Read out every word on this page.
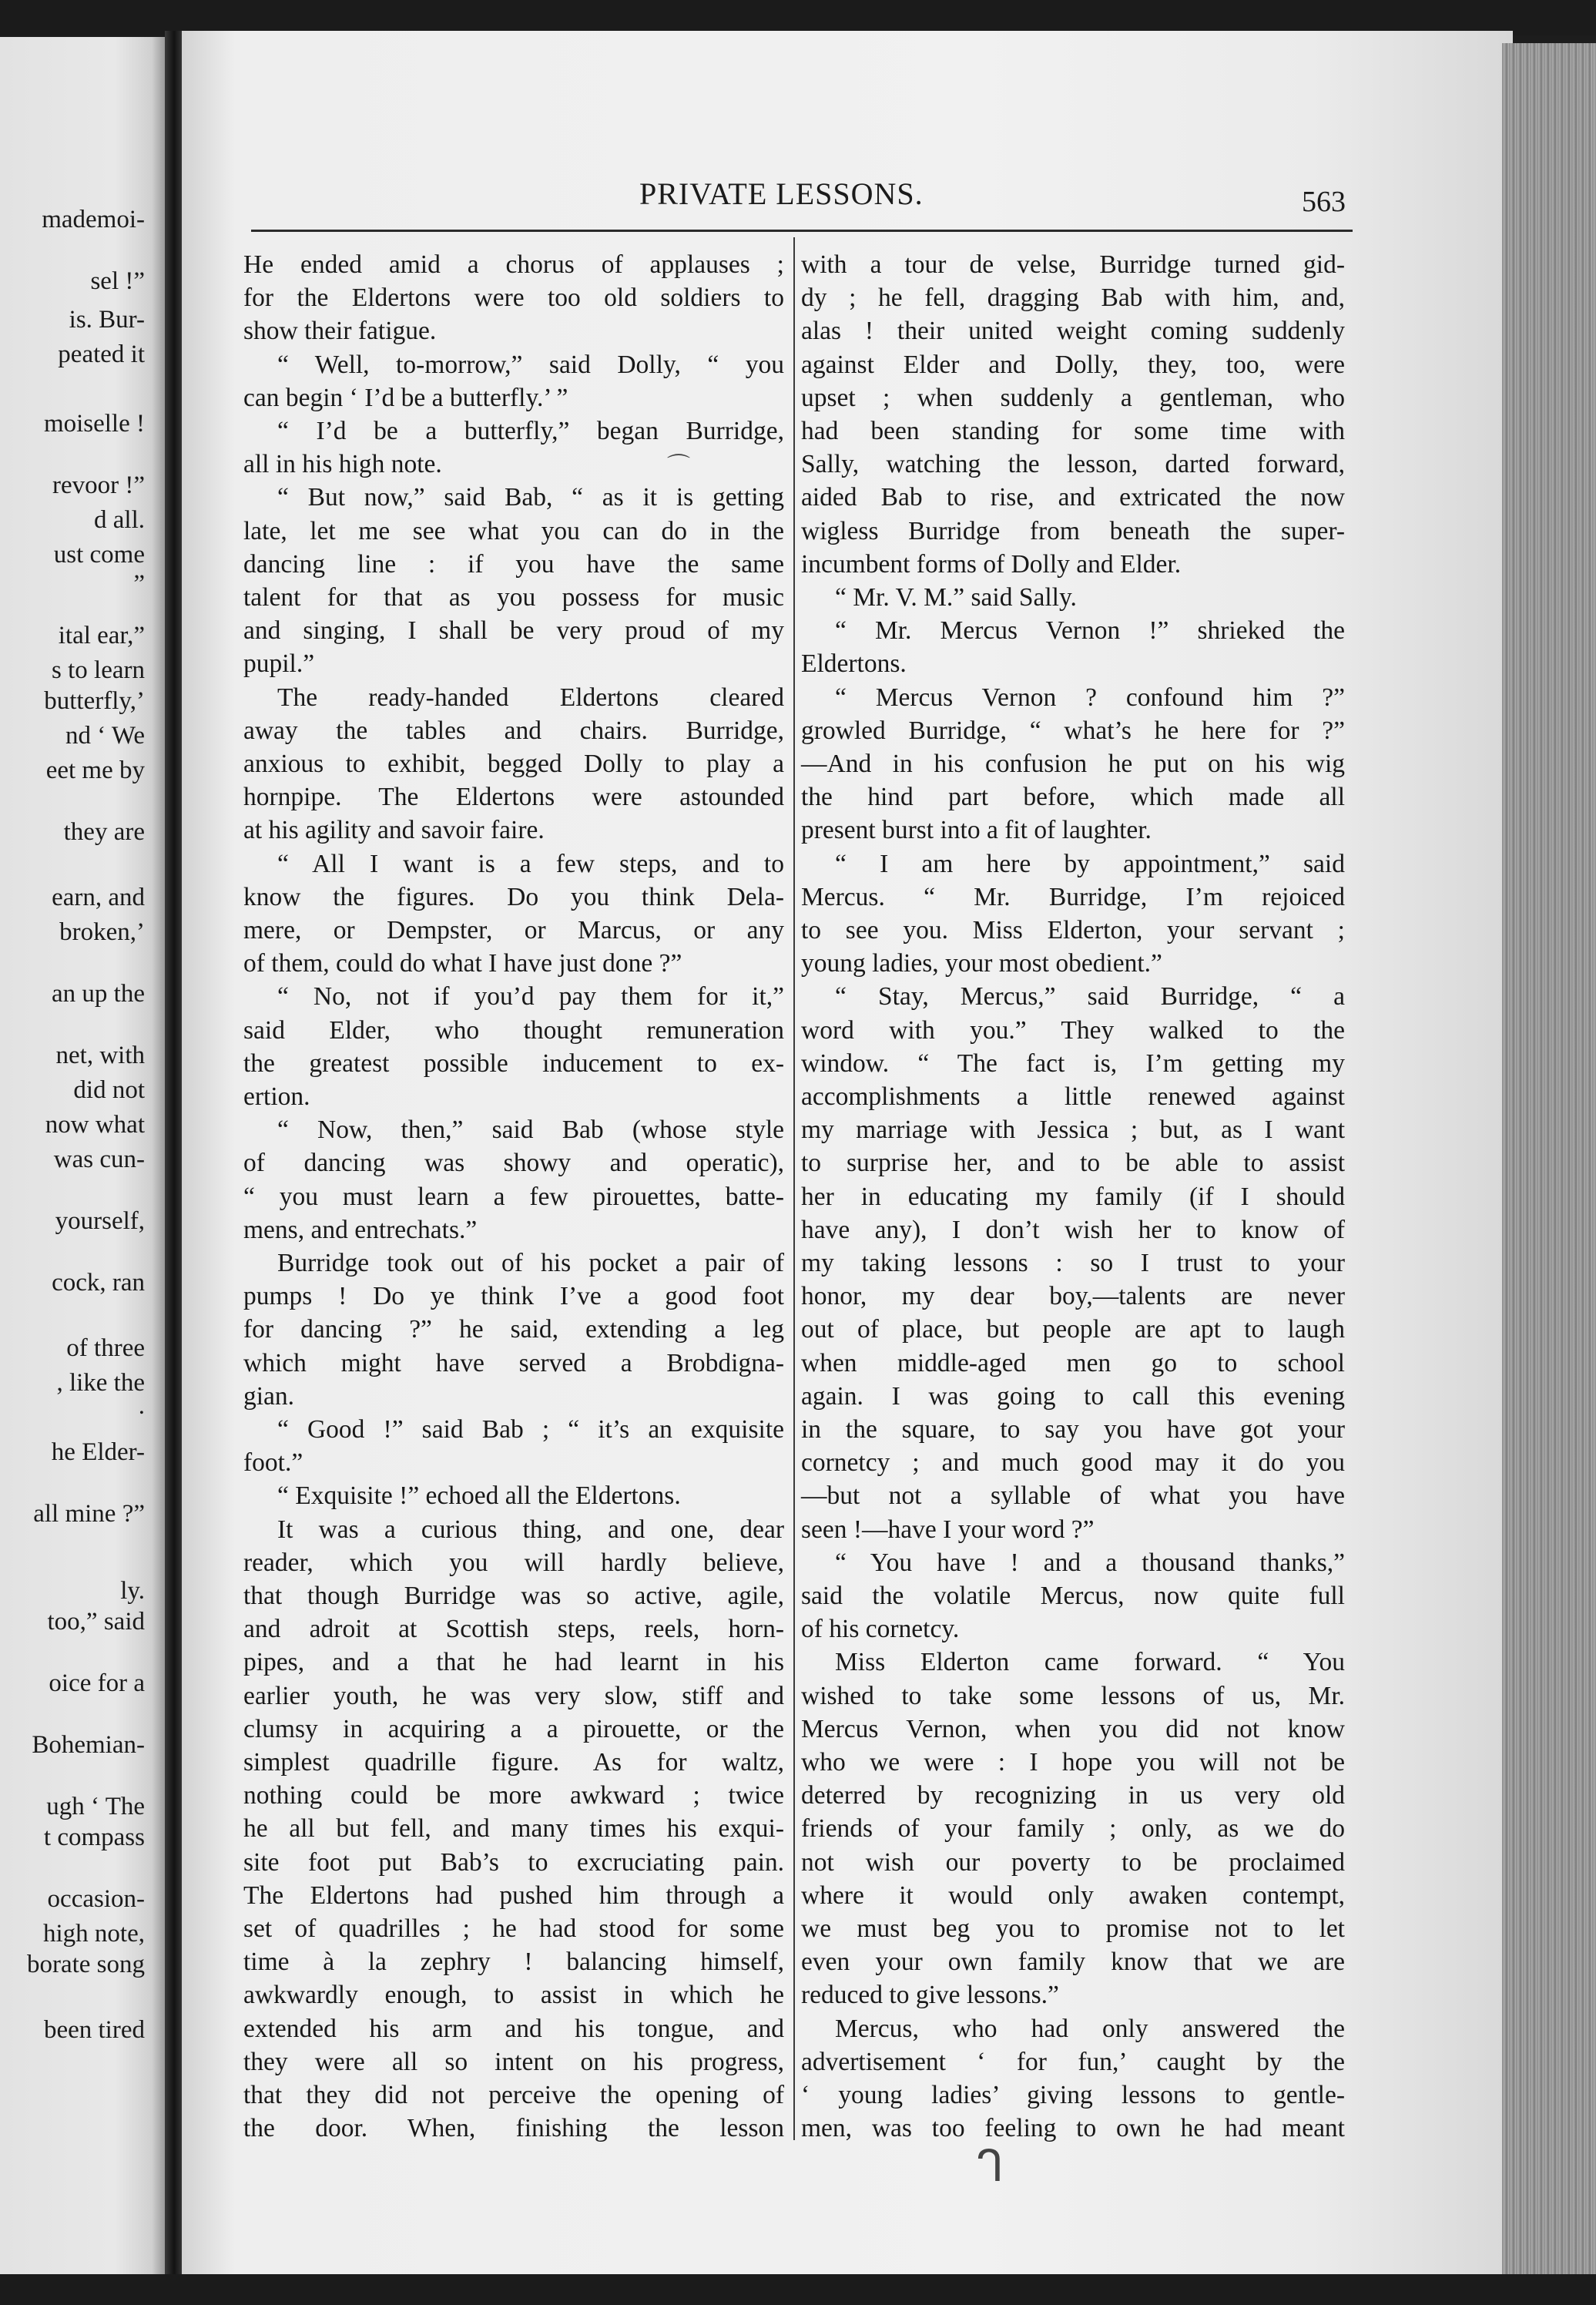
mademoi-
sel !”
is. Bur-
peated it
moiselle !
revoor !”
d all.
ust come
”
ital ear,”
s to learn
butterfly,’
nd ‘ We
eet me by
they are
earn, and
broken,’
an up the
net, with
did not
now what
was cun-
yourself,
cock, ran
of three
, like the
.
he Elder-
all mine ?”
ly.
too,” said
oice for a
Bohemian-
ugh ‘ The
t compass
occasion-
high note,
borate song
been tired
PRIVATE LESSONS.	563
He ended amid a chorus of applauses ;
for the Eldertons were too old soldiers to
show their fatigue.
“ Well, to-morrow,” said Dolly, “ you
can begin ‘ I’d be a butterfly.’ ”
“ I’d be a butterfly,” began Burridge,
all in his high note.
“ But now,” said Bab, “ as it is getting
late, let me see what you can do in the
dancing line : if you have the same
talent for that as you possess for music
and singing, I shall be very proud of my
pupil.”
The ready-handed Eldertons cleared
away the tables and chairs. Burridge,
anxious to exhibit, begged Dolly to play a
hornpipe. The Eldertons were astounded
at his agility and savoir faire.
“ All I want is a few steps, and to
know the figures. Do you think Dela-
mere, or Dempster, or Marcus, or any
of them, could do what I have just done ?”
“ No, not if you’d pay them for it,”
said Elder, who thought remuneration
the greatest possible inducement to ex-
ertion.
“ Now, then,” said Bab (whose style
of dancing was showy and operatic),
“ you must learn a few pirouettes, batte-
mens, and entrechats.”
Burridge took out of his pocket a pair of
pumps ! Do ye think I’ve a good foot
for dancing ?” he said, extending a leg
which might have served a Brobdigna-
gian.
“ Good !” said Bab ; “ it’s an exquisite
foot.”
“ Exquisite !” echoed all the Eldertons.
It was a curious thing, and one, dear
reader, which you will hardly believe,
that though Burridge was so active, agile,
and adroit at Scottish steps, reels, horn-
pipes, and a that he had learnt in his
earlier youth, he was very slow, stiff and
clumsy in acquiring a a pirouette, or the
simplest quadrille figure. As for waltz,
nothing could be more awkward ; twice
he all but fell, and many times his exqui-
site foot put Bab’s to excruciating pain.
The Eldertons had pushed him through a
set of quadrilles ; he had stood for some
time à la zephry ! balancing himself,
awkwardly enough, to assist in which he
extended his arm and his tongue, and
they were all so intent on his progress,
that they did not perceive the opening of
the door. When, finishing the lesson
with a tour de velse, Burridge turned gid-
dy ; he fell, dragging Bab with him, and,
alas ! their united weight coming suddenly
against Elder and Dolly, they, too, were
upset ; when suddenly a gentleman, who
had been standing for some time with
Sally, watching the lesson, darted forward,
aided Bab to rise, and extricated the now
wigless Burridge from beneath the super-
incumbent forms of Dolly and Elder.
“ Mr. V. M.” said Sally.
“ Mr. Mercus Vernon !” shrieked the
Eldertons.
“ Mercus Vernon ? confound him ?”
growled Burridge, “ what’s he here for ?”
—And in his confusion he put on his wig
the hind part before, which made all
present burst into a fit of laughter.
“ I am here by appointment,” said
Mercus. “ Mr. Burridge, I’m rejoiced
to see you. Miss Elderton, your servant ;
young ladies, your most obedient.”
“ Stay, Mercus,” said Burridge, “ a
word with you.” They walked to the
window. “ The fact is, I’m getting my
accomplishments a little renewed against
my marriage with Jessica ; but, as I want
to surprise her, and to be able to assist
her in educating my family (if I should
have any), I don’t wish her to know of
my taking lessons : so I trust to your
honor, my dear boy,—talents are never
out of place, but people are apt to laugh
when middle-aged men go to school
again. I was going to call this evening
in the square, to say you have got your
cornetcy ; and much good may it do you
—but not a syllable of what you have
seen !—have I your word ?”
“ You have ! and a thousand thanks,”
said the volatile Mercus, now quite full
of his cornetcy.
Miss Elderton came forward. “ You
wished to take some lessons of us, Mr.
Mercus Vernon, when you did not know
who we were : I hope you will not be
deterred by recognizing in us very old
friends of your family ; only, as we do
not wish our poverty to be proclaimed
where it would only awaken contempt,
we must beg you to promise not to let
even your own family know that we are
reduced to give lessons.”
Mercus, who had only answered the
advertisement ‘ for fun,’ caught by the
‘ young ladies’ giving lessons to gentle-
men, was too feeling to own he had meant
⌒
ᒉ
